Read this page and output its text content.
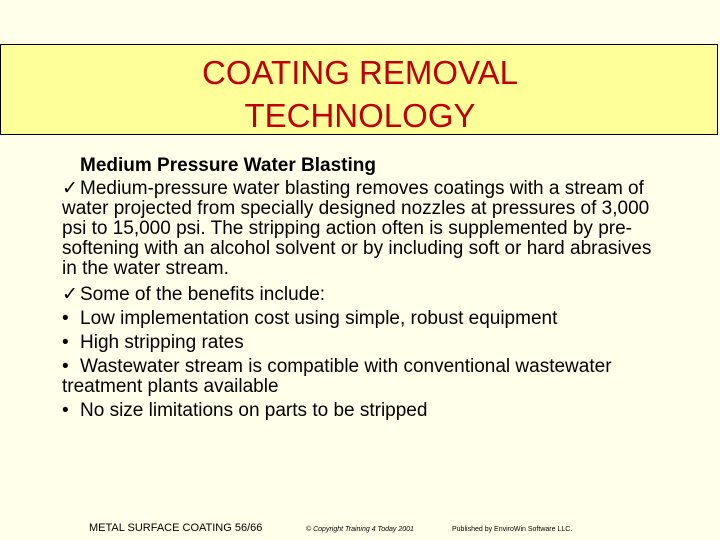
COATING REMOVAL
TECHNOLOGY
Medium Pressure Water Blasting
✓ Medium-pressure water blasting removes coatings with a stream of water projected from specially designed nozzles at pressures of 3,000 psi to 15,000 psi. The stripping action often is supplemented by pre-softening with an alcohol solvent or by including soft or hard abrasives in the water stream.
✓ Some of the benefits include:
• Low implementation cost using simple, robust equipment
• High stripping rates
• Wastewater stream is compatible with conventional wastewater treatment plants available
• No size limitations on parts to be stripped
METAL SURFACE COATING 56/66	© Copyright Training 4 Today 2001	Published by EnviroWin Software LLC.
